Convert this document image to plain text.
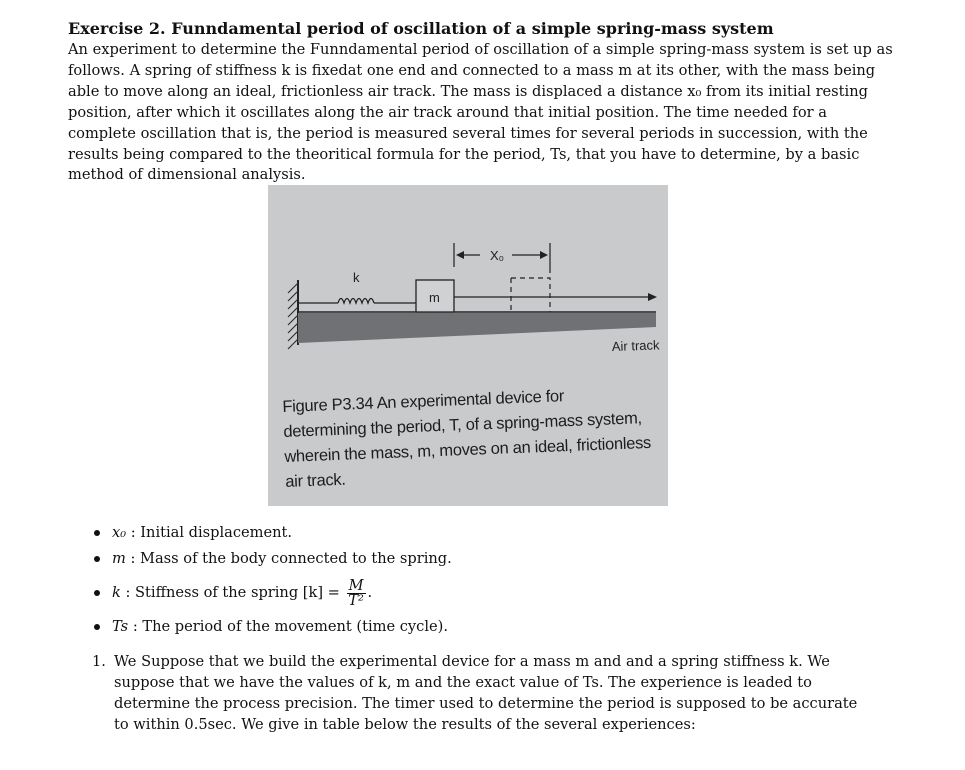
Exercise 2. Funndamental period of oscillation of a simple spring-mass system

An experiment to determine the Funndamental period of oscillation of a simple spring-mass system is set up as follows. A spring of stiffness k is fixedat one end and connected to a mass m at its other, with the mass being able to move along an ideal, frictionless air track. The mass is displaced a distance x₀ from its initial resting position, after which it oscillates along the air track around that initial position. The time needed for a complete oscillation that is, the period is measured several times for several periods in succession, with the results being compared to the theoritical formula for the period, Ts, that you have to determine, by a basic method of dimensional analysis.

X₀
k
m
Air track
Figure P3.34 An experimental device for
determining the period, T, of a spring-mass system,
wherein the mass, m, moves on an ideal, frictionless
air track.
x₀ : Initial displacement.
m : Mass of the body connected to the spring.
k : Stiffness of the spring $[k] = \frac{M}{\text{T²}}$ .
Ts : The period of the movement (time cycle).
1. We Suppose that we build the experimental device for a mass m and and a spring stiffness k. We suppose that we have the values of k, m and the exact value of Ts. The experience is leaded to determine the process precision. The timer used to determine the period is supposed to be accurate to within 0.5sec. We give in table below the results of the several experiences:
